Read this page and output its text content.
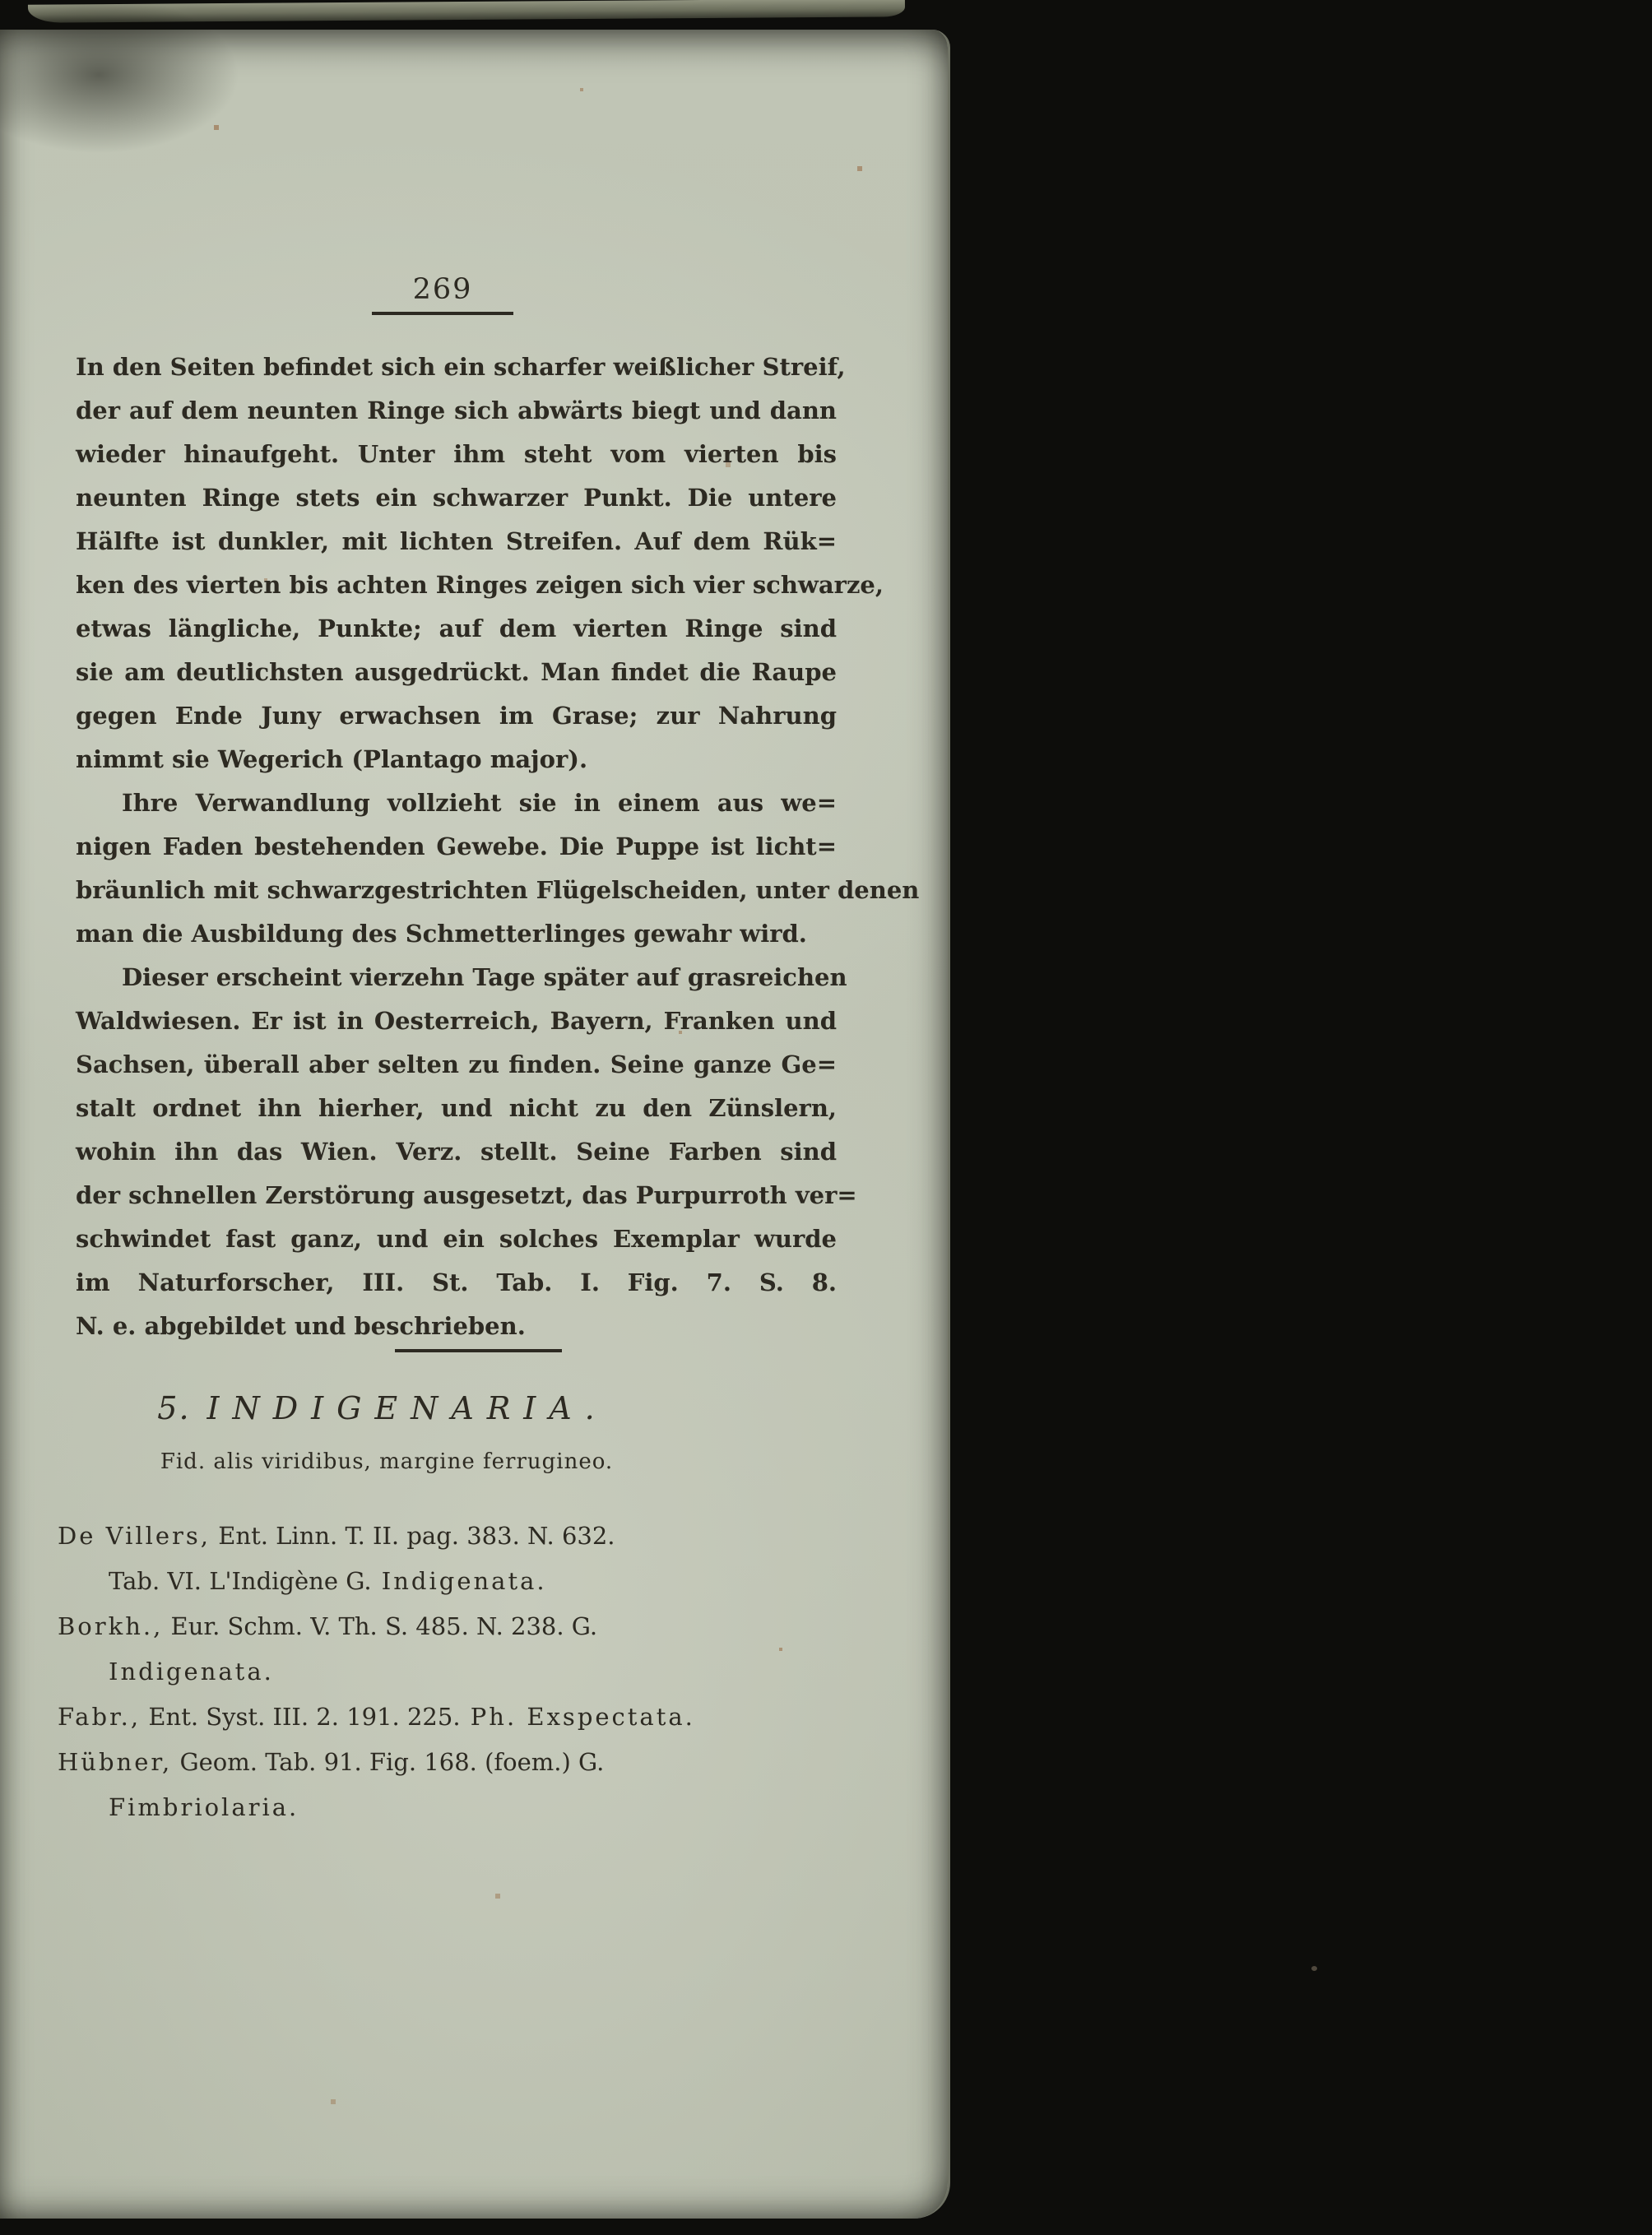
269
In den Seiten befindet sich ein scharfer weißlicher Streif,
der auf dem neunten Ringe sich abwärts biegt und dann
wieder hinaufgeht. Unter ihm steht vom vierten bis
neunten Ringe stets ein schwarzer Punkt. Die untere
Hälfte ist dunkler, mit lichten Streifen. Auf dem Rük=
ken des vierten bis achten Ringes zeigen sich vier schwarze,
etwas längliche, Punkte; auf dem vierten Ringe sind
sie am deutlichsten ausgedrückt. Man findet die Raupe
gegen Ende Juny erwachsen im Grase; zur Nahrung
nimmt sie Wegerich (Plantago major).
Ihre Verwandlung vollzieht sie in einem aus we=
nigen Faden bestehenden Gewebe. Die Puppe ist licht=
bräunlich mit schwarzgestrichten Flügelscheiden, unter denen
man die Ausbildung des Schmetterlinges gewahr wird.
Dieser erscheint vierzehn Tage später auf grasreichen
Waldwiesen. Er ist in Oesterreich, Bayern, Franken und
Sachsen, überall aber selten zu finden. Seine ganze Ge=
stalt ordnet ihn hierher, und nicht zu den Zünslern,
wohin ihn das Wien. Verz. stellt. Seine Farben sind
der schnellen Zerstörung ausgesetzt, das Purpurroth ver=
schwindet fast ganz, und ein solches Exemplar wurde
im Naturforscher, III. St. Tab. I. Fig. 7. S. 8.
N. e. abgebildet und beschrieben.
5. INDIGENARIA.
Fid. alis viridibus, margine ferrugineo.
De Villers, Ent. Linn. T. II. pag. 383. N. 632.
Tab. VI. L'Indigène G. Indigenata.
Borkh., Eur. Schm. V. Th. S. 485. N. 238. G.
Indigenata.
Fabr., Ent. Syst. III. 2. 191. 225. Ph. Exspectata.
Hübner, Geom. Tab. 91. Fig. 168. (foem.) G.
Fimbriolaria.
